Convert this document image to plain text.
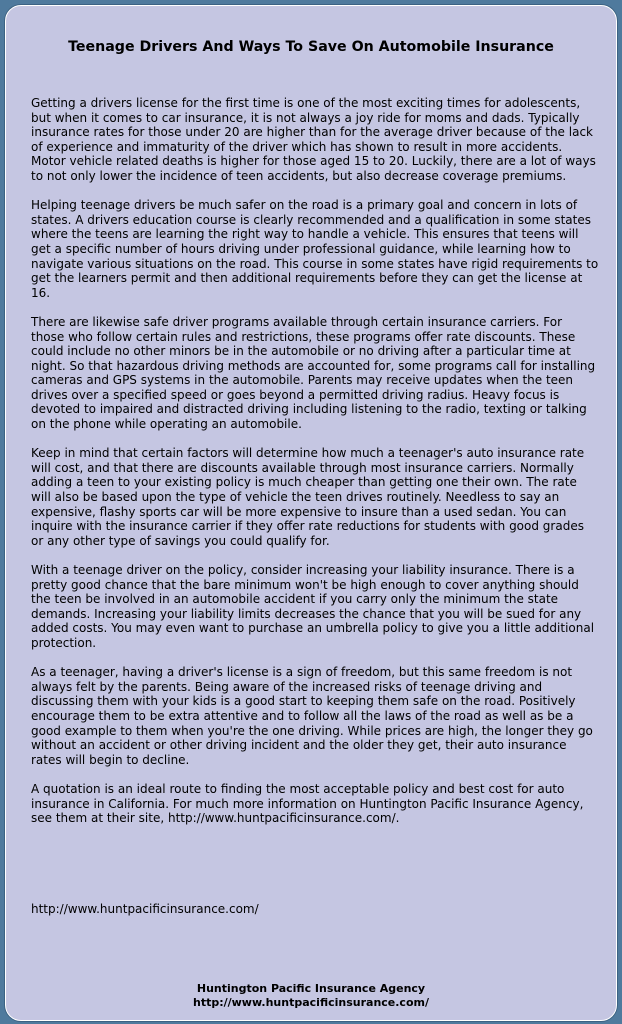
Teenage Drivers And Ways To Save On Automobile Insurance

Getting a drivers license for the first time is one of the most exciting times for adolescents, but when it comes to car insurance, it is not always a joy ride for moms and dads. Typically insurance rates for those under 20 are higher than for the average driver because of the lack of experience and immaturity of the driver which has shown to result in more accidents. Motor vehicle related deaths is higher for those aged 15 to 20. Luckily, there are a lot of ways to not only lower the incidence of teen accidents, but also decrease coverage premiums.

Helping teenage drivers be much safer on the road is a primary goal and concern in lots of states. A drivers education course is clearly recommended and a qualification in some states where the teens are learning the right way to handle a vehicle. This ensures that teens will get a specific number of hours driving under professional guidance, while learning how to navigate various situations on the road. This course in some states have rigid requirements to get the learners permit and then additional requirements before they can get the license at 16.

There are likewise safe driver programs available through certain insurance carriers. For those who follow certain rules and restrictions, these programs offer rate discounts. These could include no other minors be in the automobile or no driving after a particular time at night. So that hazardous driving methods are accounted for, some programs call for installing cameras and GPS systems in the automobile. Parents may receive updates when the teen drives over a specified speed or goes beyond a permitted driving radius. Heavy focus is devoted to impaired and distracted driving including listening to the radio, texting or talking on the phone while operating an automobile.

Keep in mind that certain factors will determine how much a teenager's auto insurance rate will cost, and that there are discounts available through most insurance carriers. Normally adding a teen to your existing policy is much cheaper than getting one their own. The rate will also be based upon the type of vehicle the teen drives routinely. Needless to say an expensive, flashy sports car will be more expensive to insure than a used sedan. You can inquire with the insurance carrier if they offer rate reductions for students with good grades or any other type of savings you could qualify for.

With a teenage driver on the policy, consider increasing your liability insurance. There is a pretty good chance that the bare minimum won't be high enough to cover anything should the teen be involved in an automobile accident if you carry only the minimum the state demands. Increasing your liability limits decreases the chance that you will be sued for any added costs. You may even want to purchase an umbrella policy to give you a little additional protection.

As a teenager, having a driver's license is a sign of freedom, but this same freedom is not always felt by the parents. Being aware of the increased risks of teenage driving and discussing them with your kids is a good start to keeping them safe on the road. Positively encourage them to be extra attentive and to follow all the laws of the road as well as be a good example to them when you're the one driving. While prices are high, the longer they go without an accident or other driving incident and the older they get, their auto insurance rates will begin to decline.

A quotation is an ideal route to finding the most acceptable policy and best cost for auto insurance in California. For much more information on Huntington Pacific Insurance Agency, see them at their site, http://www.huntpacificinsurance.com/.

http://www.huntpacificinsurance.com/

Huntington Pacific Insurance Agency
http://www.huntpacificinsurance.com/
